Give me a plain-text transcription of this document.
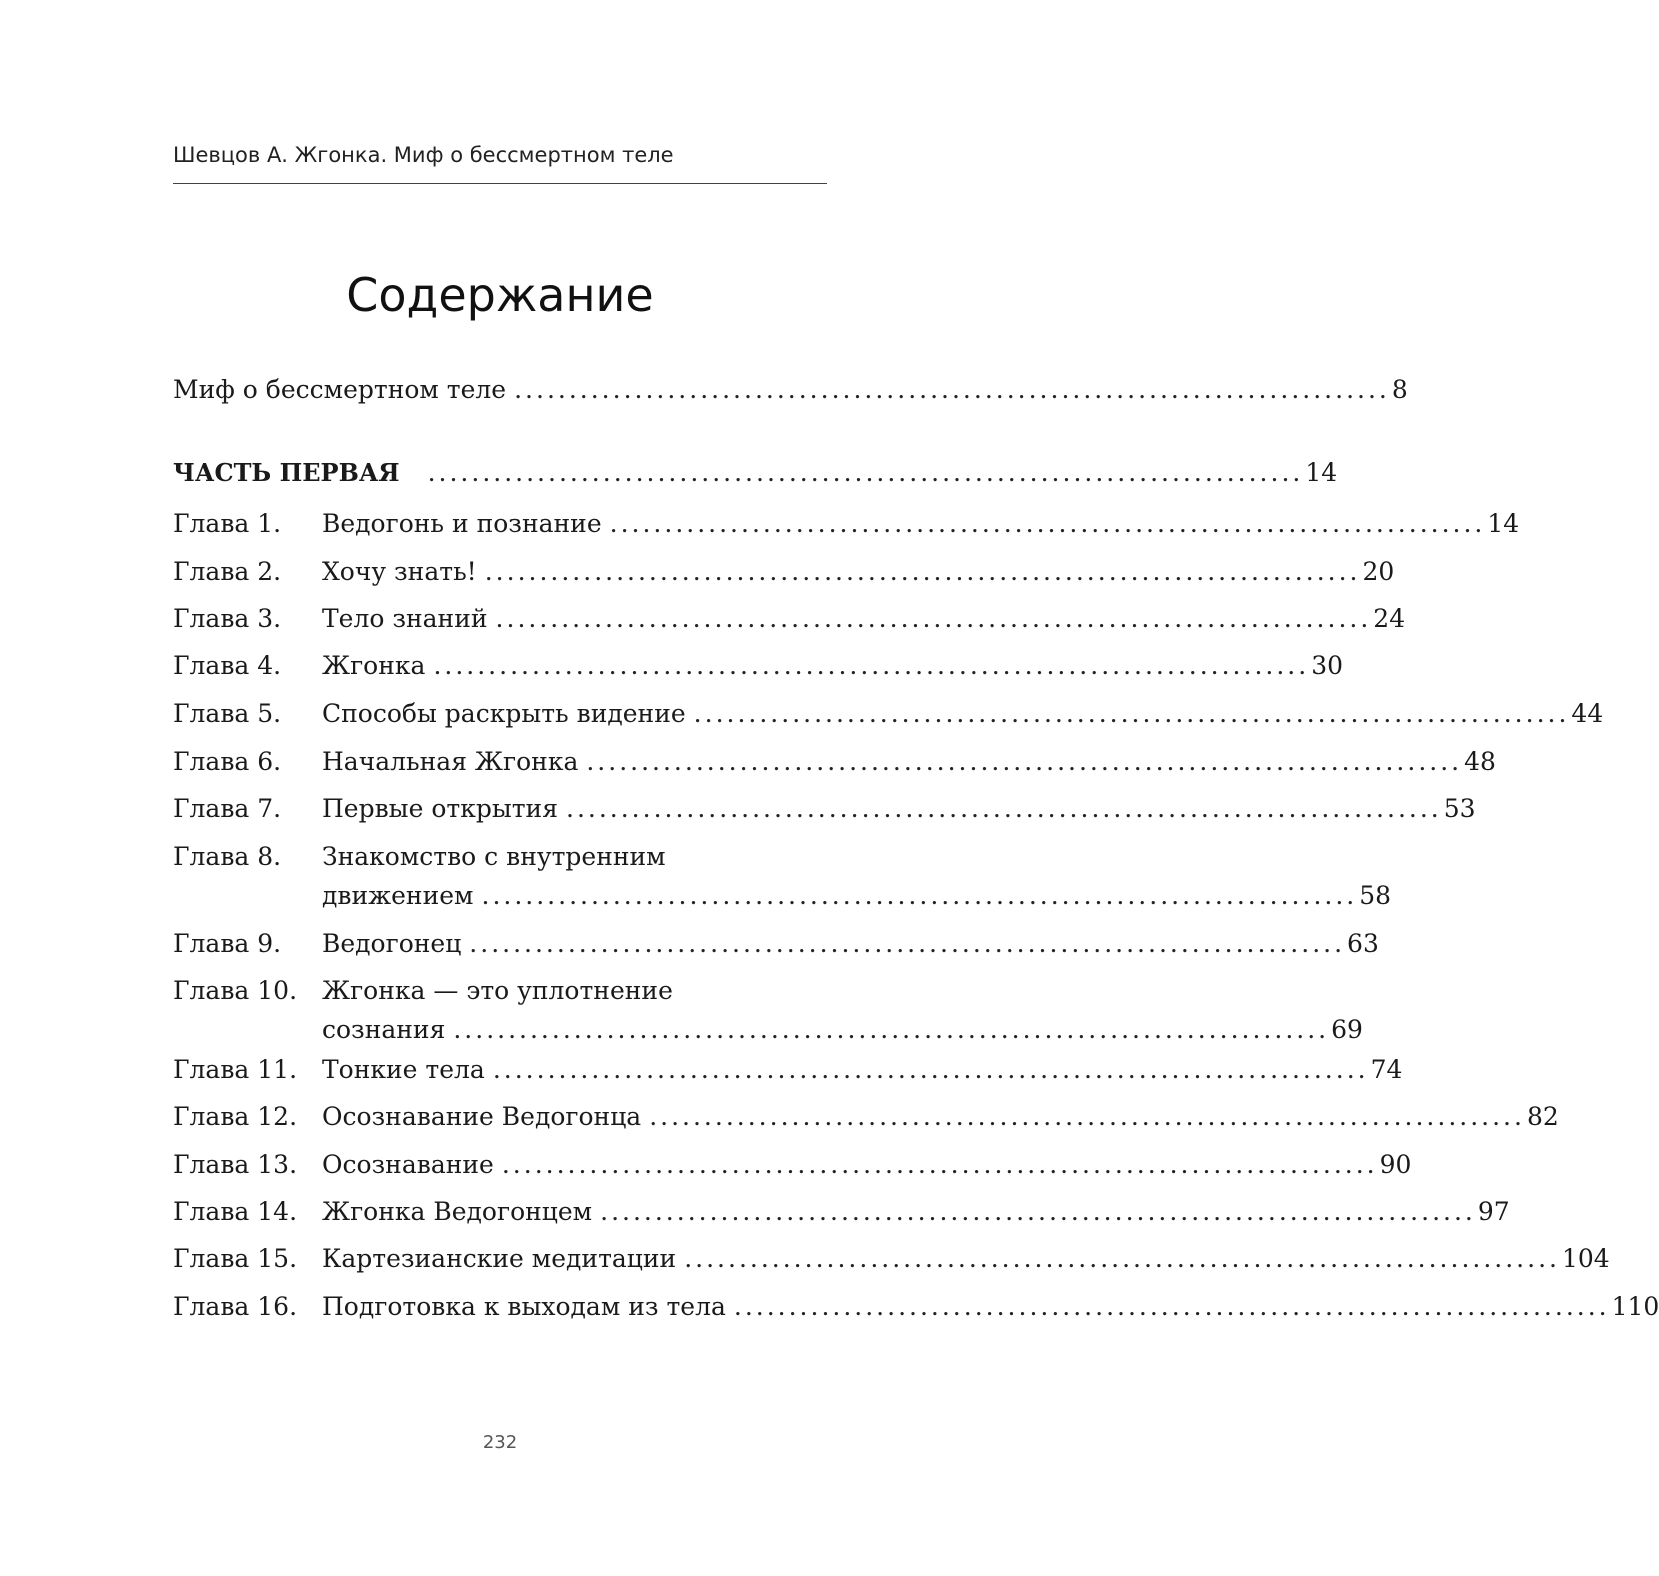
Шевцов А. Жгонка. Миф о бессмертном теле
Содержание
Миф о бессмертном теле ................................................................................ 8
ЧАСТЬ ПЕРВАЯ ................................................................................ 14
Глава 1.	Ведогонь и познание ................................................................................ 14
Глава 2.	Хочу знать! ................................................................................ 20
Глава 3.	Тело знаний ................................................................................ 24
Глава 4.	Жгонка ................................................................................ 30
Глава 5.	Способы раскрыть видение ................................................................................ 44
Глава 6.	Начальная Жгонка ................................................................................ 48
Глава 7.	Первые открытия ................................................................................ 53
Глава 8.	Знакомство с внутренним
движением ................................................................................ 58
Глава 9.	Ведогонец ................................................................................ 63
Глава 10. Жгонка — это уплотнение
сознания ................................................................................ 69
Глава 11. Тонкие тела ................................................................................ 74
Глава 12. Осознавание Ведогонца ................................................................................ 82
Глава 13. Осознавание ................................................................................ 90
Глава 14. Жгонка Ведогонцем ................................................................................ 97
Глава 15. Картезианские медитации ................................................................................ 104
Глава 16. Подготовка к выходам из тела ................................................................................ 110
232
